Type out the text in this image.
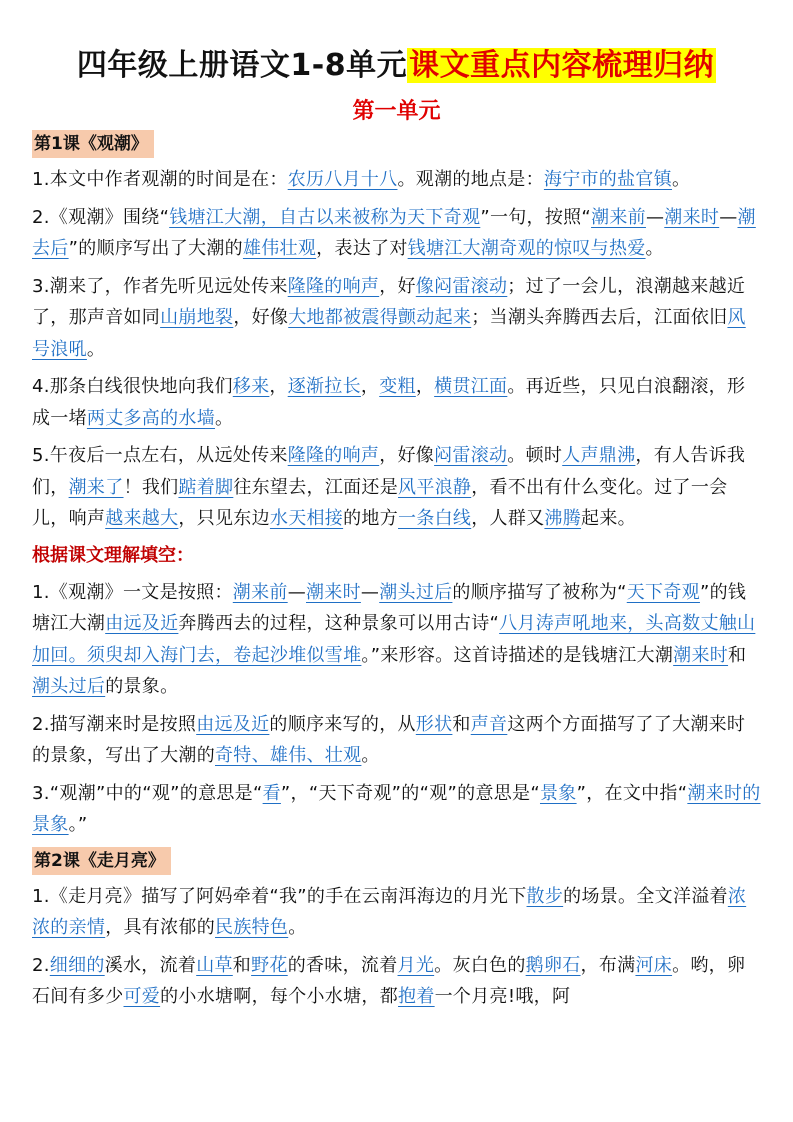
四年级上册语文1-8单元课文重点内容梳理归纳
第一单元
第1课《观潮》
1.本文中作者观潮的时间是在：农历八月十八。观潮的地点是：海宁市的盐官镇。
2.《观潮》围绕“钱塘江大潮，自古以来被称为天下奇观”一句，按照“潮来前—潮来时—潮去后”的顺序写出了大潮的雄伟壮观，表达了对钱塘江大潮奇观的惊叹与热爱。
3.潮来了，作者先听见远处传来隆隆的响声，好像闷雷滚动；过了一会儿，浪潮越来越近了，那声音如同山崩地裂，好像大地都被震得颤动起来；当潮头奔腾西去后，江面依旧风号浪吼。
4.那条白线很快地向我们移来，逐渐拉长，变粗，横贯江面。再近些，只见白浪翻滚，形成一堵两丈多高的水墙。
5.午夜后一点左右，从远处传来隆隆的响声，好像闷雷滚动。顿时人声鼎沸，有人告诉我们，潮来了！我们踮着脚往东望去，江面还是风平浪静，看不出有什么变化。过了一会儿，响声越来越大，只见东边水天相接的地方一条白线，人群又沸腾起来。
根据课文理解填空：
1.《观潮》一文是按照：潮来前—潮来时—潮头过后的顺序描写了被称为“天下奇观”的钱塘江大潮由远及近奔腾西去的过程，这种景象可以用古诗“八月涛声吼地来，头高数丈触山加回。须臾却入海门去，卷起沙堆似雪堆。”来形容。这首诗描述的是钱塘江大潮潮来时和潮头过后的景象。
2.描写潮来时是按照由远及近的顺序来写的，从形状和声音这两个方面描写了了大潮来时的景象，写出了大潮的奇特、雄伟、壮观。
3.“观潮”中的“观”的意思是“看”，“天下奇观”的“观”的意思是“景象”，在文中指“潮来时的景象。”
第2课《走月亮》
1.《走月亮》描写了阿妈牵着“我”的手在云南洱海边的月光下散步的场景。全文洋溢着浓浓的亲情，具有浓郁的民族特色。
2.细细的溪水，流着山草和野花的香味，流着月光。灰白色的鹅卵石，布满河床。哟，卵石间有多少可爱的小水塘啊，每个小水塘，都抱着一个月亮!哦，阿
